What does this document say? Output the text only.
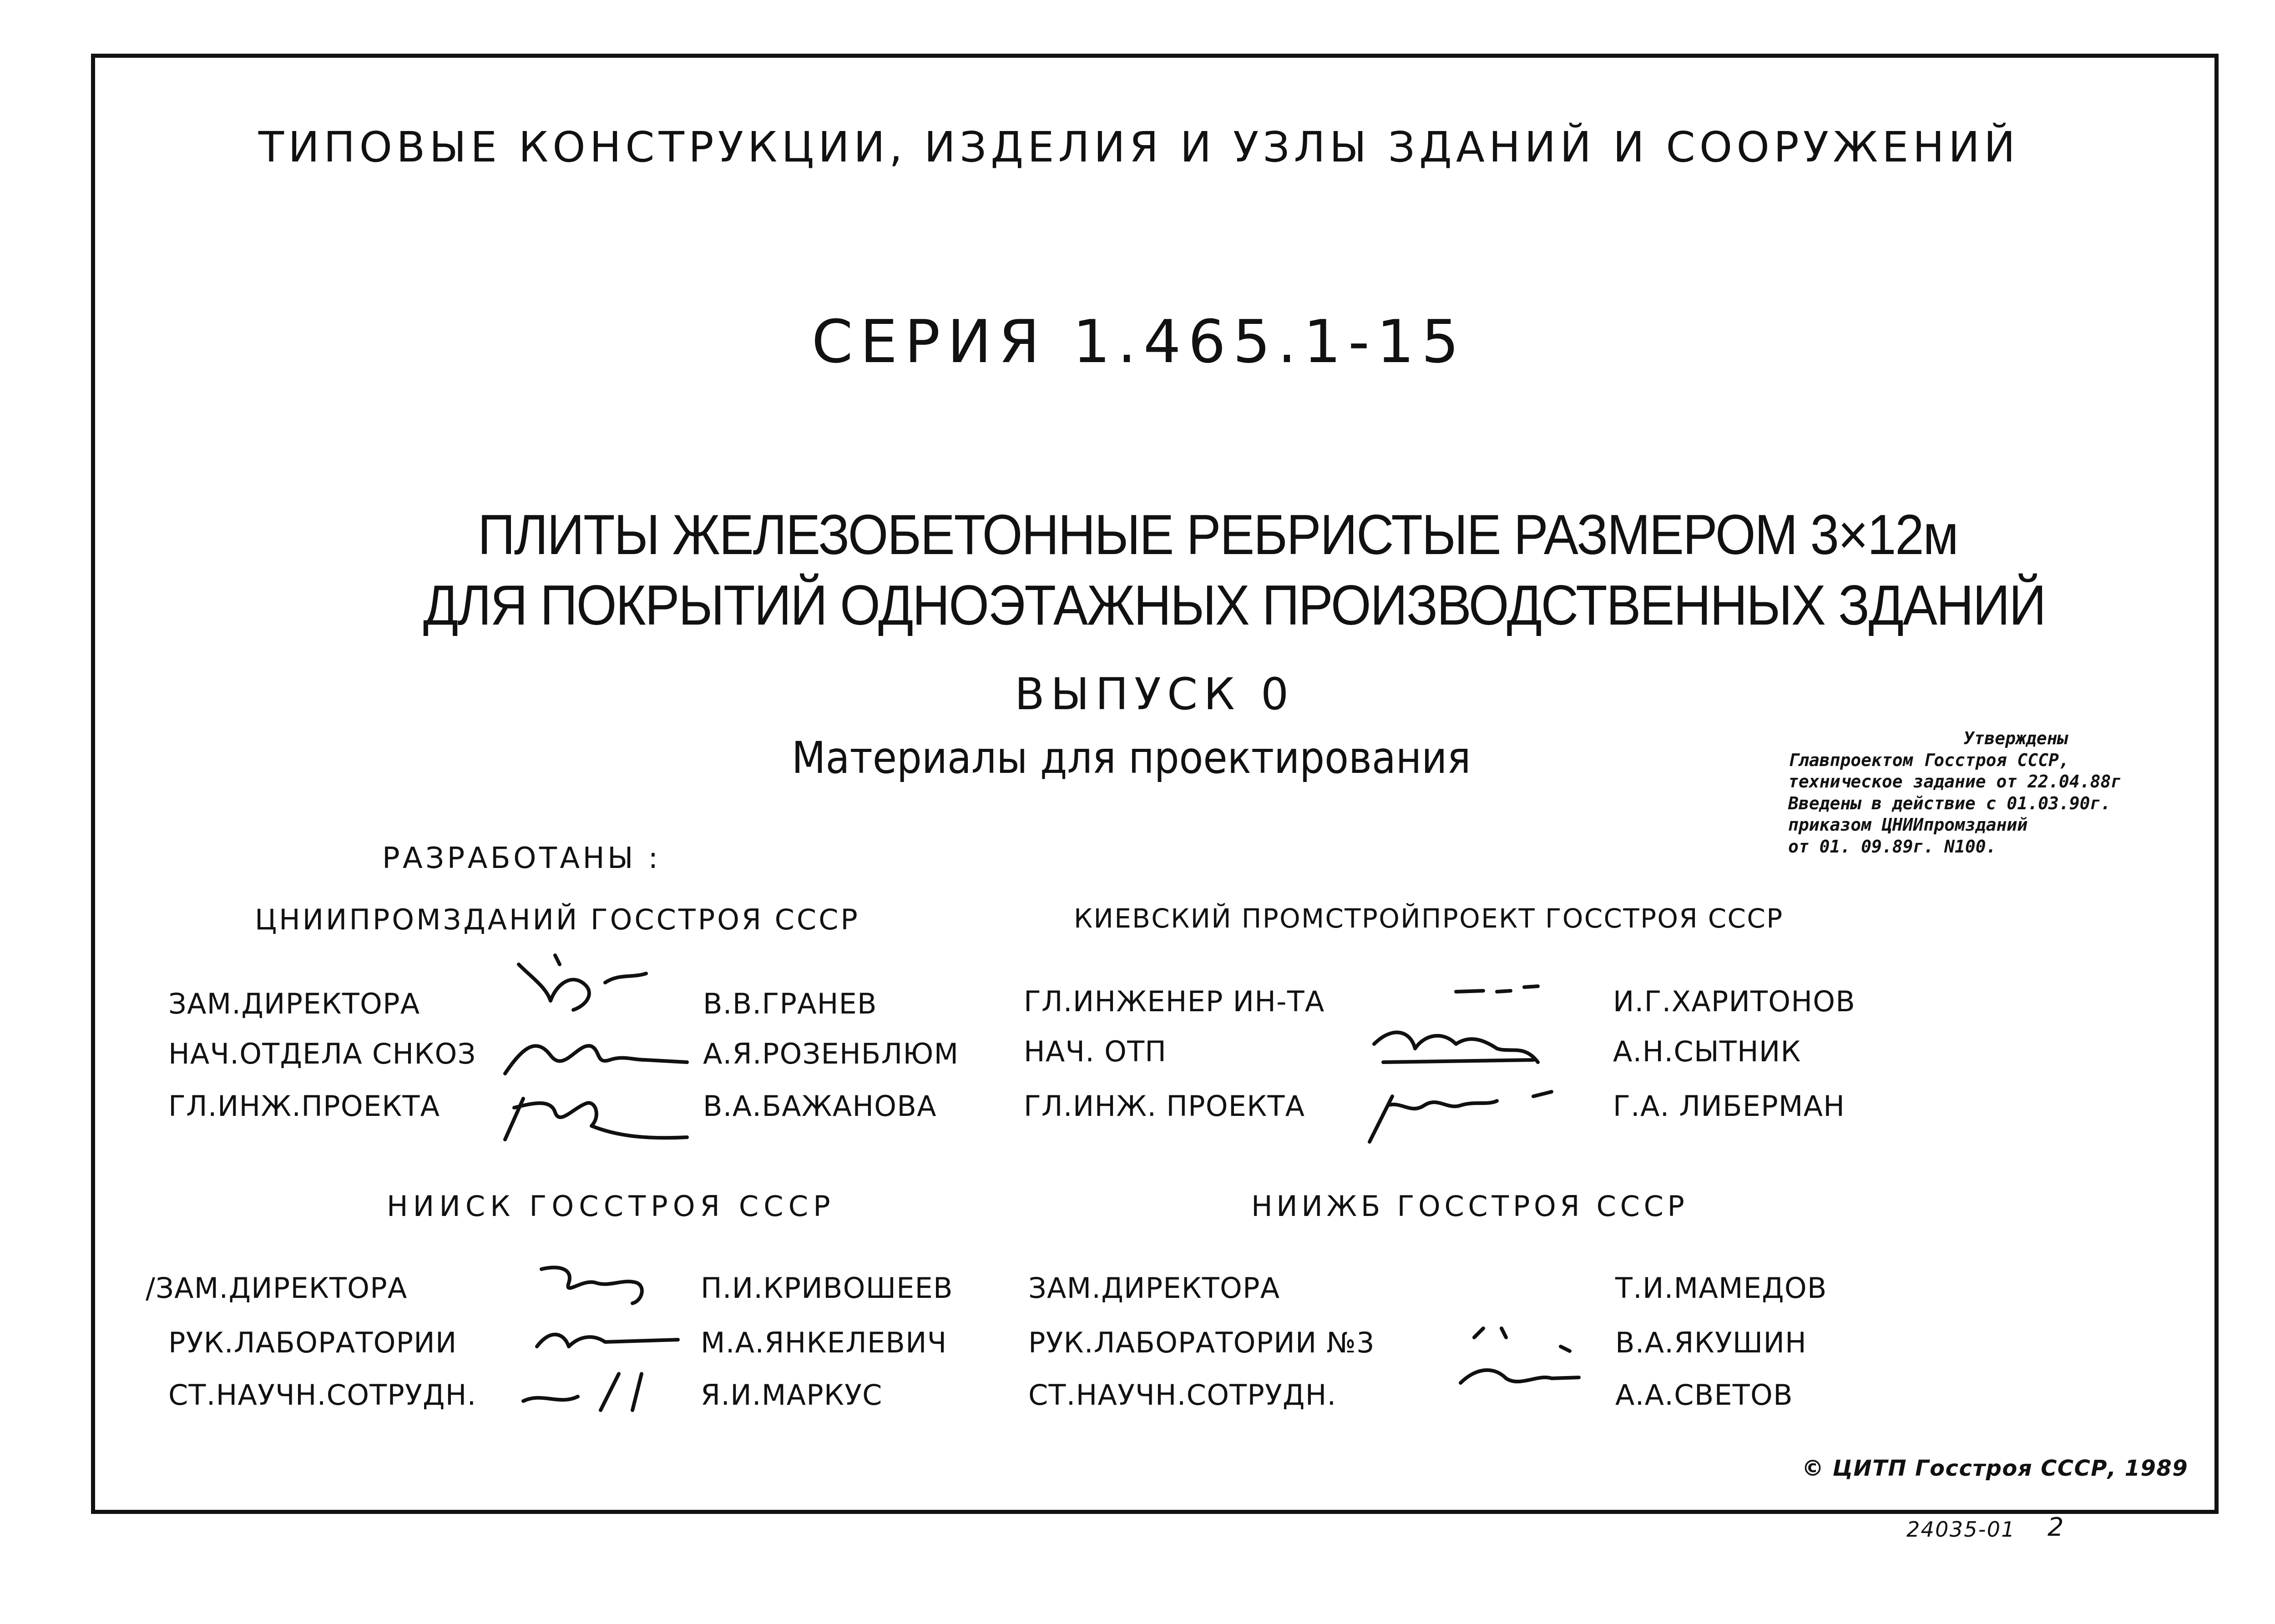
ТИПОВЫЕ КОНСТРУКЦИИ, ИЗДЕЛИЯ И УЗЛЫ ЗДАНИЙ И СООРУЖЕНИЙ
СЕРИЯ 1.465.1-15
ПЛИТЫ ЖЕЛЕЗОБЕТОННЫЕ РЕБРИСТЫЕ РАЗМЕРОМ 3×12м
ДЛЯ ПОКРЫТИЙ ОДНОЭТАЖНЫХ ПРОИЗВОДСТВЕННЫХ ЗДАНИЙ
ВЫПУСК 0
Материалы для проектирования	Утверждены
Главпроектом Госстроя СССР,
техническое задание от 22.04.88г
Введены в действие с 01.03.90г.
приказом ЦНИИпромзданий
от 01. 09.89г. N100.
РАЗРАБОТАНЫ :
ЦНИИПРОМЗДАНИЙ ГОССТРОЯ СССР	КИЕВСКИЙ ПРОМСТРОЙПРОЕКТ ГОССТРОЯ СССР
НИИСК ГОССТРОЯ СССР	НИИЖБ ГОССТРОЯ СССР
ЗАМ.ДИРЕКТОРА	В.В.ГРАНЕВ
НАЧ.ОТДЕЛА СНКОЗ	А.Я.РОЗЕНБЛЮМ
ГЛ.ИНЖ.ПРОЕКТА	В.А.БАЖАНОВА
ГЛ.ИНЖЕНЕР ИН-ТА	И.Г.ХАРИТОНОВ
НАЧ. ОТП	А.Н.СЫТНИК
ГЛ.ИНЖ. ПРОЕКТА	Г.А. ЛИБЕРМАН
/ЗАМ.ДИРЕКТОРА	П.И.КРИВОШЕЕВ
РУК.ЛАБОРАТОРИИ	М.А.ЯНКЕЛЕВИЧ
СТ.НАУЧН.СОТРУДН.	Я.И.МАРКУС
ЗАМ.ДИРЕКТОРА	Т.И.МАМЕДОВ
РУК.ЛАБОРАТОРИИ №3	В.А.ЯКУШИН
СТ.НАУЧН.СОТРУДН.	А.А.СВЕТОВ
© ЦИТП Госстроя СССР, 1989
24035-01 2
